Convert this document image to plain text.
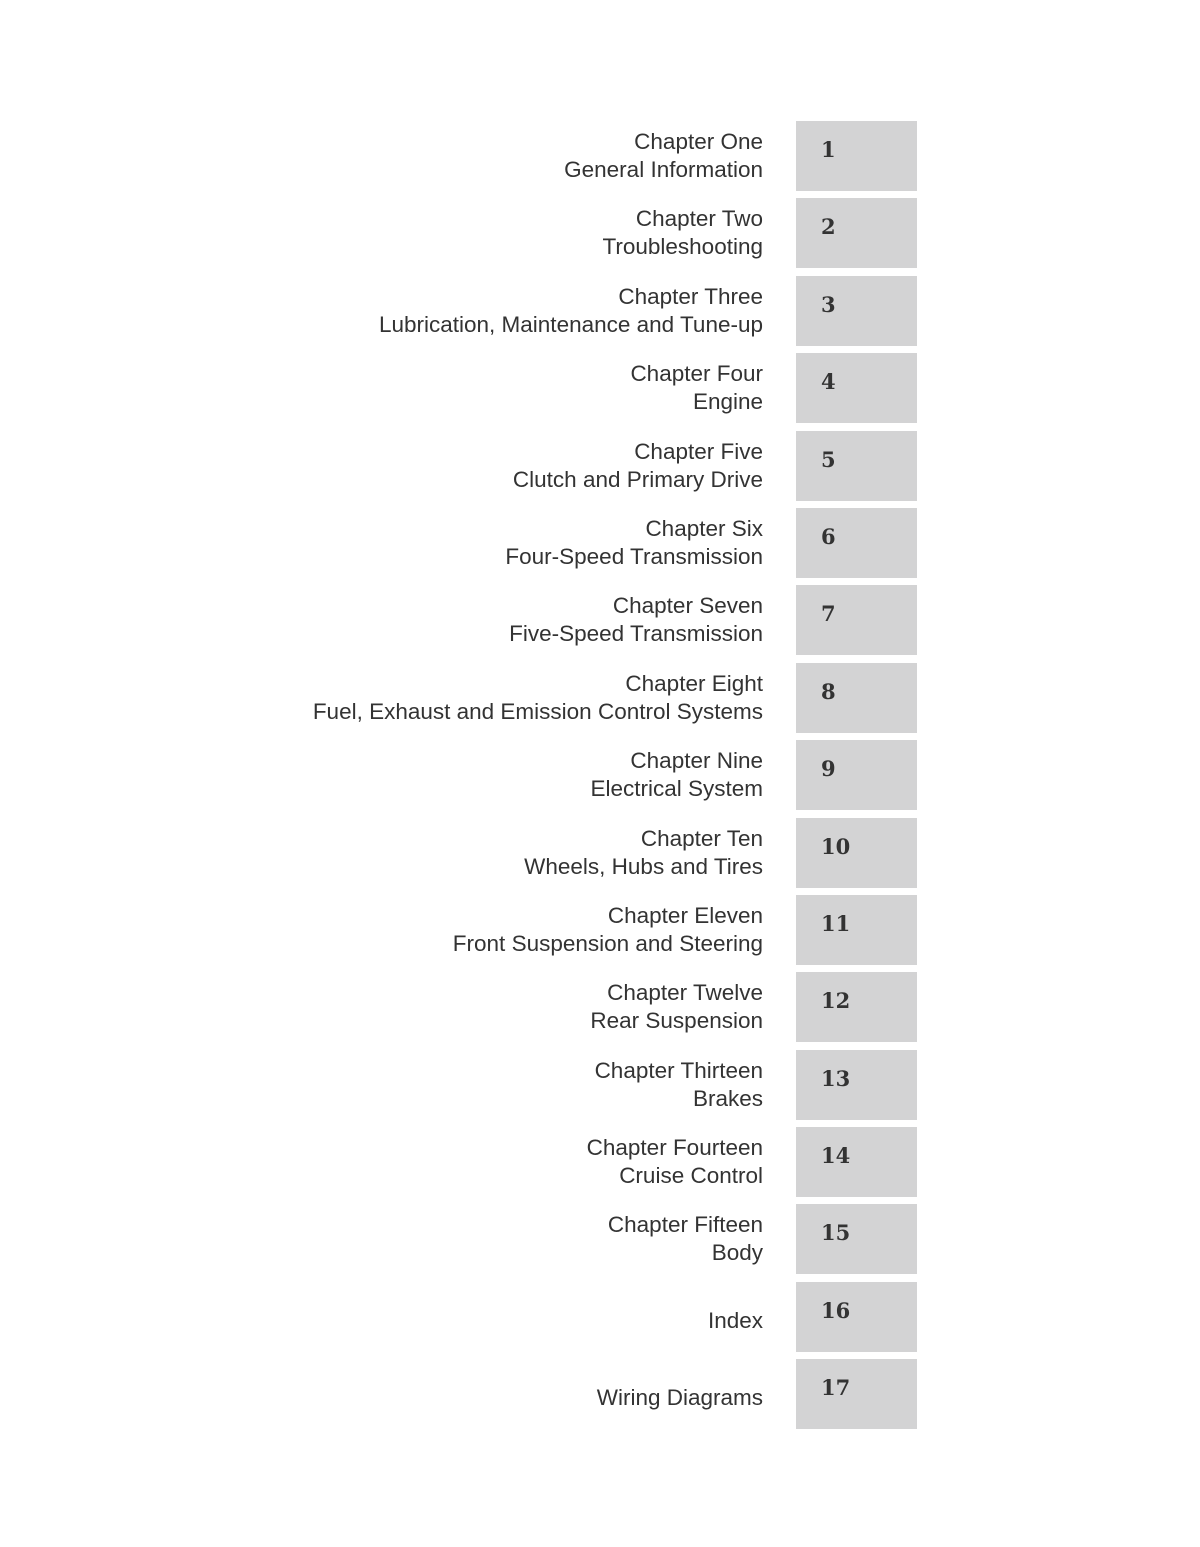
Chapter One
General Information
1
Chapter Two
Troubleshooting
2
Chapter Three
Lubrication, Maintenance and Tune-up
3
Chapter Four
Engine
4
Chapter Five
Clutch and Primary Drive
5
Chapter Six
Four-Speed Transmission
6
Chapter Seven
Five-Speed Transmission
7
Chapter Eight
Fuel, Exhaust and Emission Control Systems
8
Chapter Nine
Electrical System
9
Chapter Ten
Wheels, Hubs and Tires
10
Chapter Eleven
Front Suspension and Steering
11
Chapter Twelve
Rear Suspension
12
Chapter Thirteen
Brakes
13
Chapter Fourteen
Cruise Control
14
Chapter Fifteen
Body
15
Index	16
Wiring Diagrams	17
